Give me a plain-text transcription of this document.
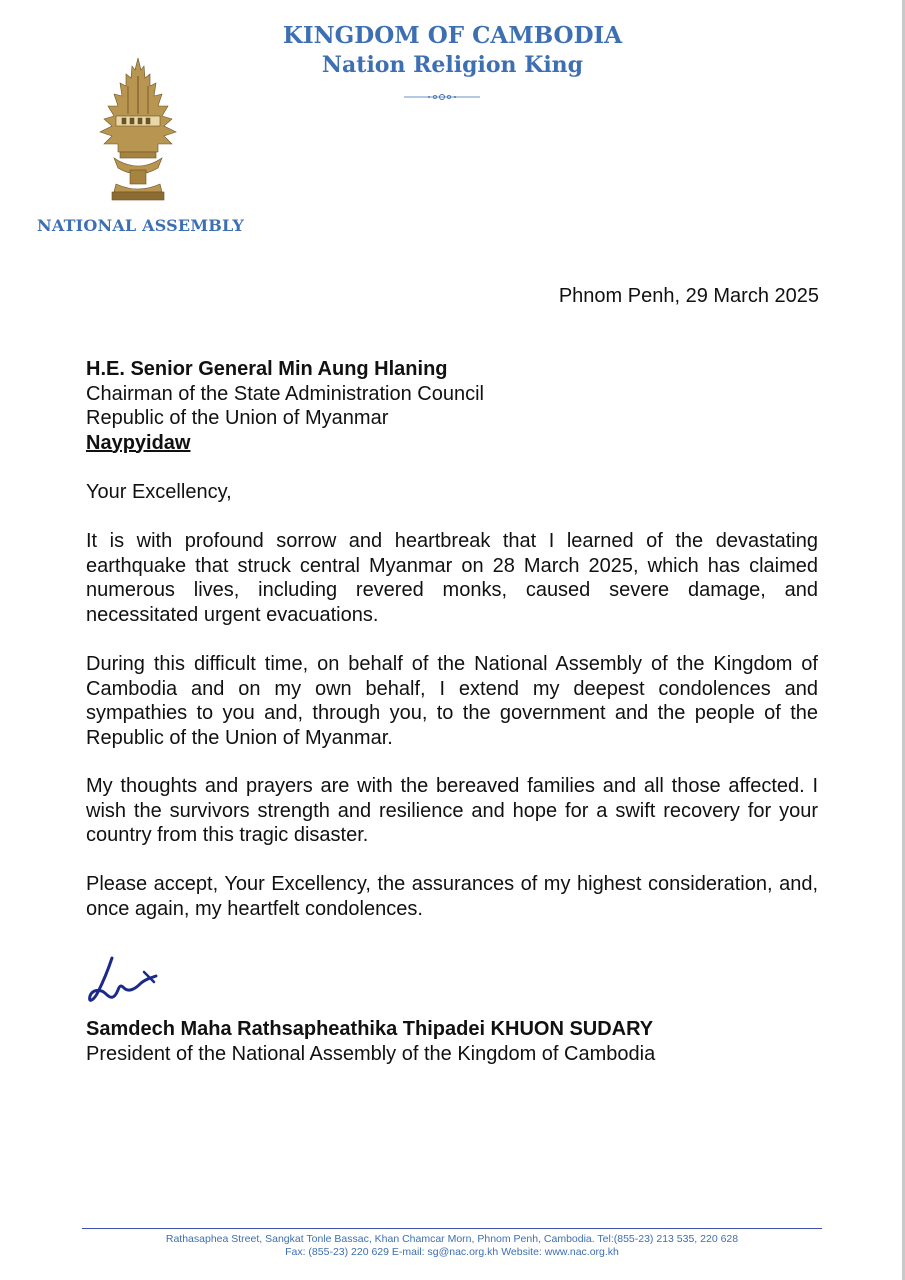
KINGDOM OF CAMBODIA
Nation Religion King
NATIONAL ASSEMBLY
Phnom Penh, 29 March 2025
H.E. Senior General Min Aung Hlaning
Chairman of the State Administration Council
Republic of the Union of Myanmar
Naypyidaw
Your Excellency,
It is with profound sorrow and heartbreak that I learned of the devastating earthquake that struck central Myanmar on 28 March 2025, which has claimed numerous lives, including revered monks, caused severe damage, and necessitated urgent evacuations.
During this difficult time, on behalf of the National Assembly of the Kingdom of Cambodia and on my own behalf, I extend my deepest condolences and sympathies to you and, through you, to the government and the people of the Republic of the Union of Myanmar.
My thoughts and prayers are with the bereaved families and all those affected. I wish the survivors strength and resilience and hope for a swift recovery for your country from this tragic disaster.
Please accept, Your Excellency, the assurances of my highest consideration, and, once again, my heartfelt condolences.
Samdech Maha Rathsapheathika Thipadei KHUON SUDARY
President of the National Assembly of the Kingdom of Cambodia
Rathasaphea Street, Sangkat Tonle Bassac, Khan Chamcar Morn, Phnom Penh, Cambodia. Tel:(855-23) 213 535, 220 628
Fax: (855-23) 220 629 E-mail: sg@nac.org.kh Website: www.nac.org.kh
